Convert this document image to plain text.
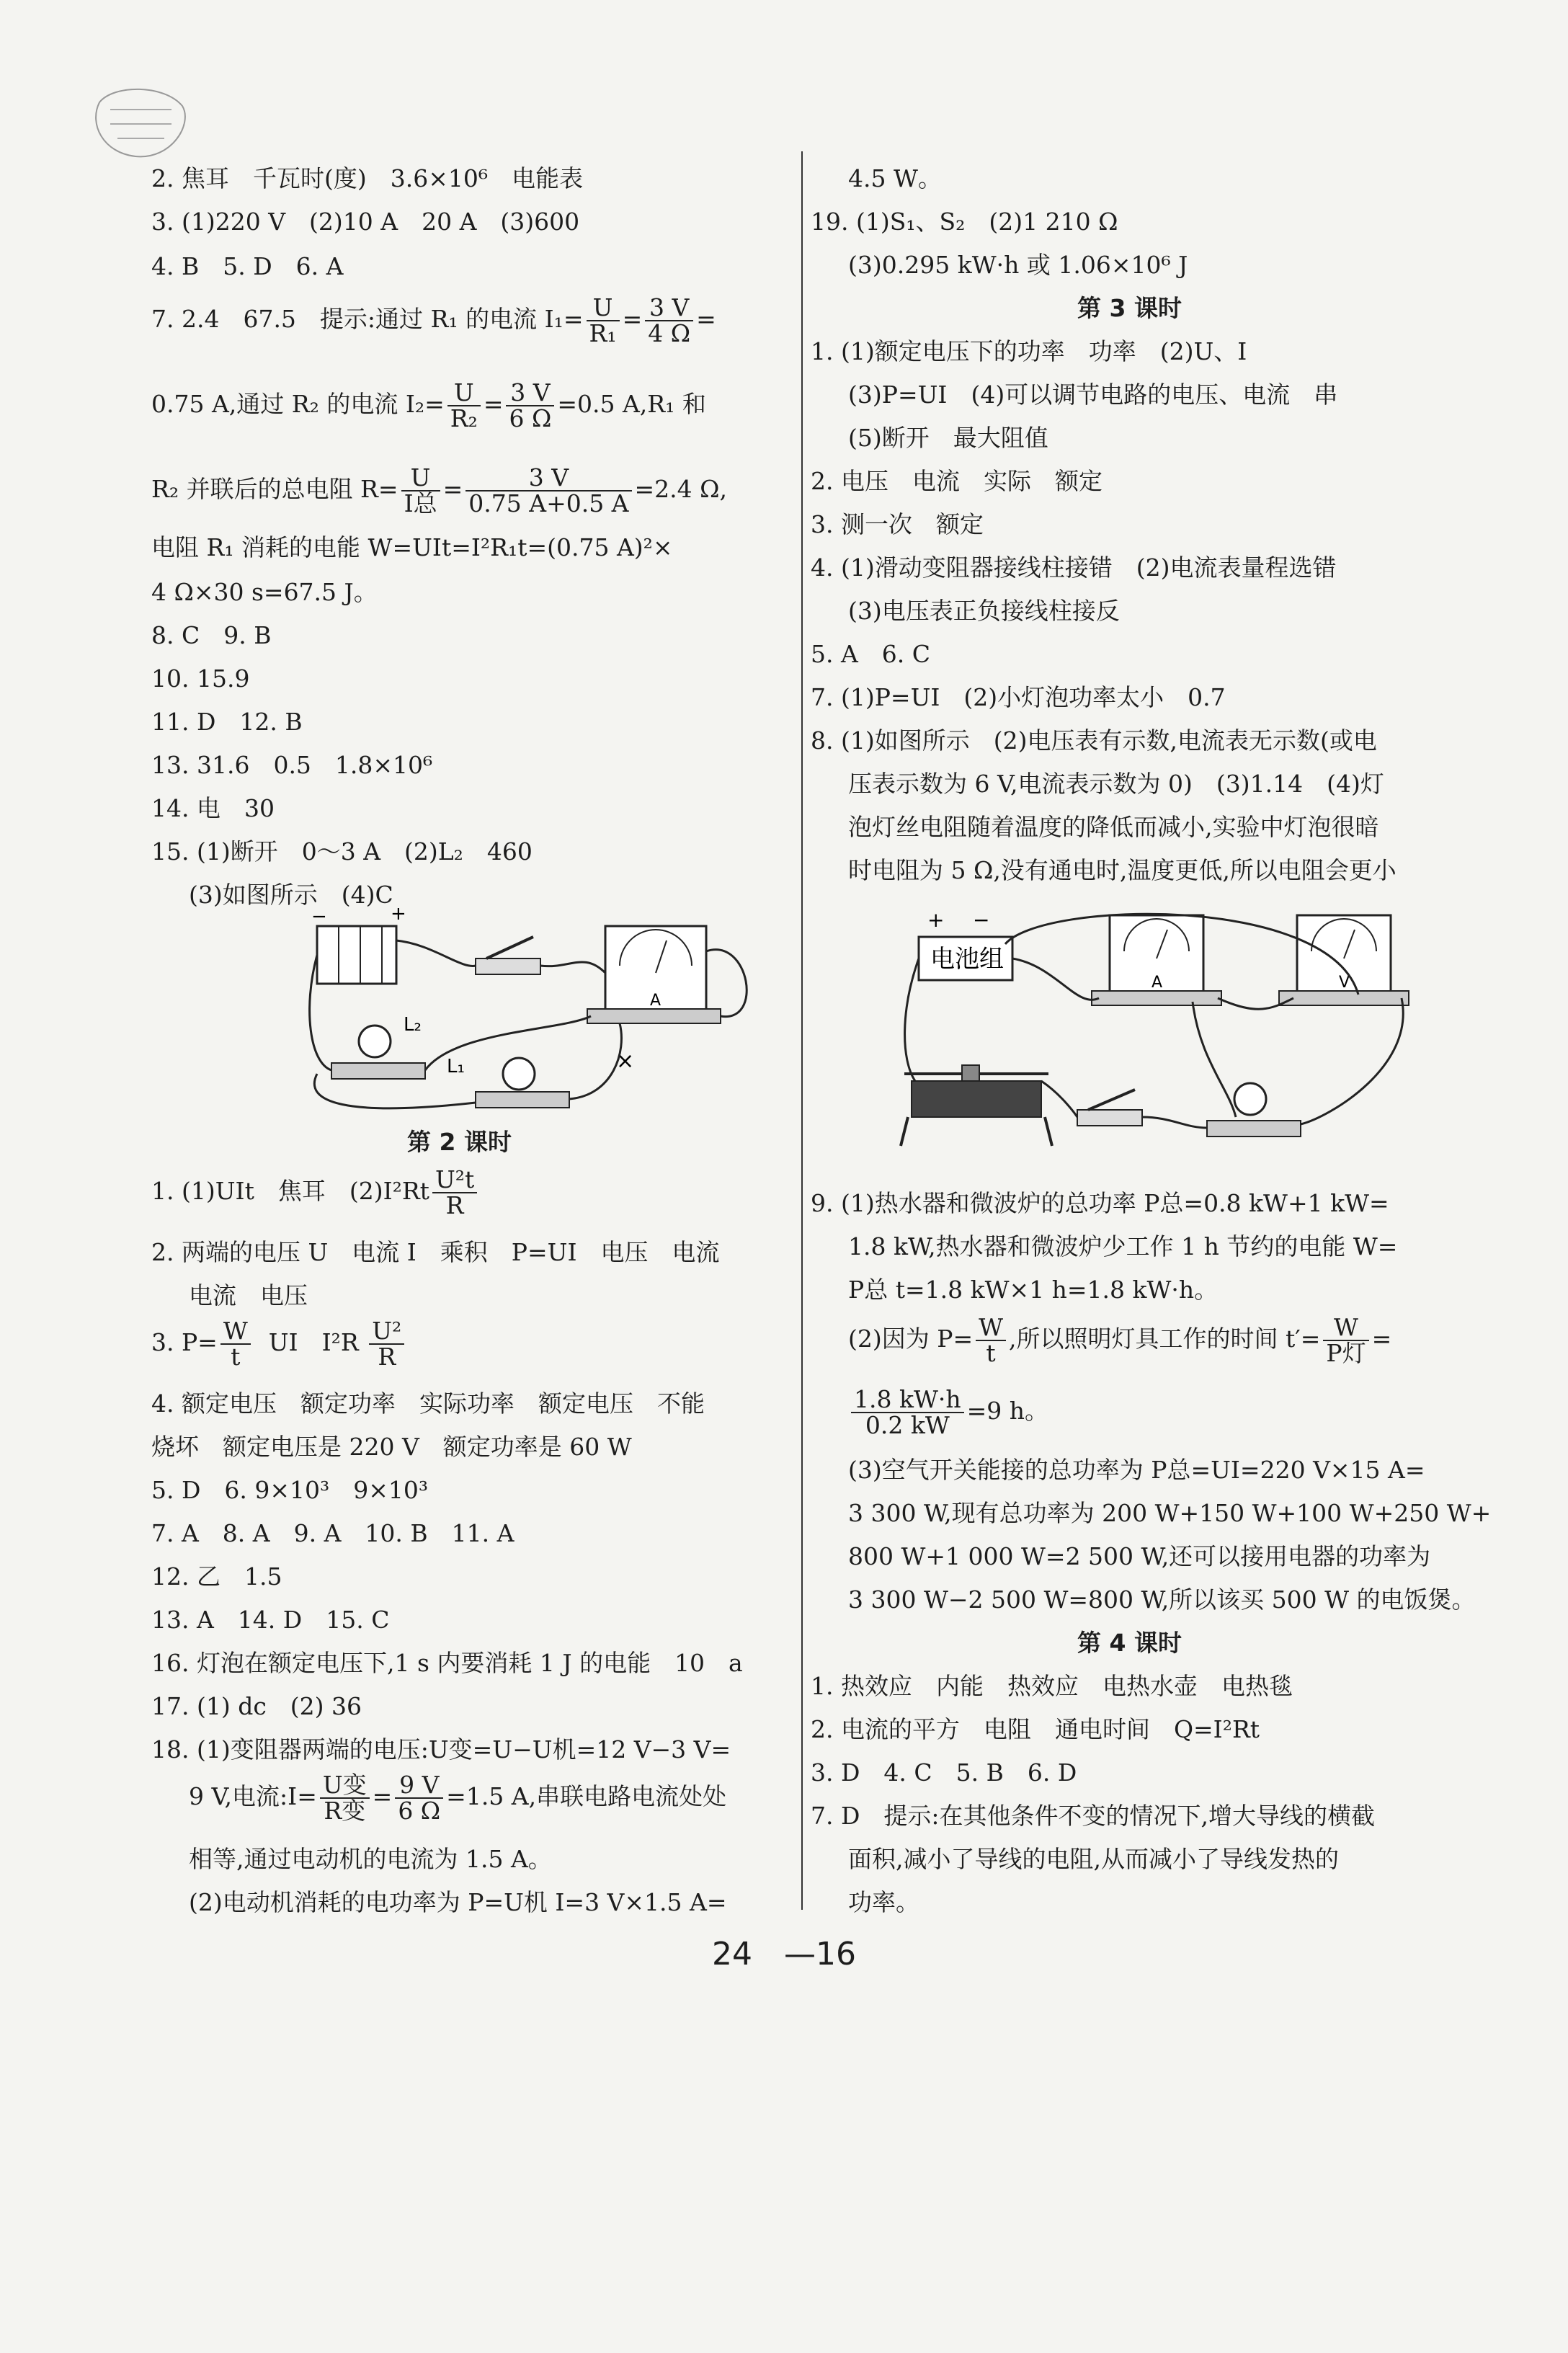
2. 焦耳　千瓦时(度)　3.6×10⁶　电能表
3. (1)220 V　(2)10 A　20 A　(3)600
4. B　5. D　6. A
7. 2.4　67.5　提示:通过 R₁ 的电流 $I_1= \frac{U}{\text{R₁}} = \frac{3 V}{4 \Omega}$ =
0.75 A,通过 R₂ 的电流 $I_2= \frac{U}{\text{R₂}} = \frac{3 V}{6 \Omega} =0.5$ A,R₁ 和
R₂ 并联后的总电阻 $R= \frac{U}{\text{I总}} = \frac{3 V}{0.75 A+0.5 A} =2.4$ Ω,
电阻 R₁ 消耗的电能 W=UIt=I²R₁t=(0.75 A)²×
4 Ω×30 s=67.5 J。
8. C　9. B
10. 15.9
11. D　12. B
13. 31.6　0.5　1.8×10⁶
14. 电　30
15. (1)断开　0～3 A　(2)L₂　460
(3)如图所示　(4)C
−	+
A
L₂
L₁	×
第 2 课时
1. (1)UIt　焦耳　$(2)I^2Rt \frac{\text{U²t}}{R}$
2. 两端的电压 U　电流 I　乘积　P=UI　电压　电流
电流　电压
3. $P= \frac{W}{t}$ UI　$I^2R \frac{\text{U²}}{R}$
4. 额定电压　额定功率　实际功率　额定电压　不能
烧坏　额定电压是 220 V　额定功率是 60 W
5. D　6. 9×10³　9×10³
7. A　8. A　9. A　10. B　11. A
12. 乙　1.5
13. A　14. D　15. C
16. 灯泡在额定电压下,1 s 内要消耗 1 J 的电能　10　a
17. (1) dc　(2) 36
18. (1)变阻器两端的电压:U变=U−U机=12 V−3 V=
9 V,电流:I= $\frac{\text{U变}}{\text{R变}} = \frac{9 V}{6 \Omega} =1.5$ A,串联电路电流处处
相等,通过电动机的电流为 1.5 A。
(2)电动机消耗的电功率为 P=U机 I=3 V×1.5 A=
4.5 W。
19. (1)S₁、S₂　(2)1 210 Ω
(3)0.295 kW·h 或 1.06×10⁶ J
第 3 课时
1. (1)额定电压下的功率　功率　(2)U、I
(3)P=UI　(4)可以调节电路的电压、电流　串
(5)断开　最大阻值
2. 电压　电流　实际　额定
3. 测一次　额定
4. (1)滑动变阻器接线柱接错　(2)电流表量程选错
(3)电压表正负接线柱接反
5. A　6. C
7. (1)P=UI　(2)小灯泡功率太小　0.7
8. (1)如图所示　(2)电压表有示数,电流表无示数(或电
压表示数为 6 V,电流表示数为 0)　(3)1.14　(4)灯
泡灯丝电阻随着温度的降低而减小,实验中灯泡很暗
时电阻为 5 Ω,没有通电时,温度更低,所以电阻会更小
+ −
电池组
A	V
9. (1)热水器和微波炉的总功率 P总=0.8 kW+1 kW=
1.8 kW,热水器和微波炉少工作 1 h 节约的电能 W=
P总 t=1.8 kW×1 h=1.8 kW·h。
(2)因为 $P= \frac{W}{t}$ ,所以照明灯具工作的时间 $t'= \frac{W}{\text{P灯}}$ =
$\frac{1.8 kW\cdot h}{0.2 kW} =9$ h。
(3)空气开关能接的总功率为 P总=UI=220 V×15 A=
3 300 W,现有总功率为 200 W+150 W+100 W+250 W+
800 W+1 000 W=2 500 W,还可以接用电器的功率为
3 300 W−2 500 W=800 W,所以该买 500 W 的电饭煲。
第 4 课时
1. 热效应　内能　热效应　电热水壶　电热毯
2. 电流的平方　电阻　通电时间　Q=I²Rt
3. D　4. C　5. B　6. D
7. D　提示:在其他条件不变的情况下,增大导线的横截
面积,减小了导线的电阻,从而减小了导线发热的
功率。
24　—16
